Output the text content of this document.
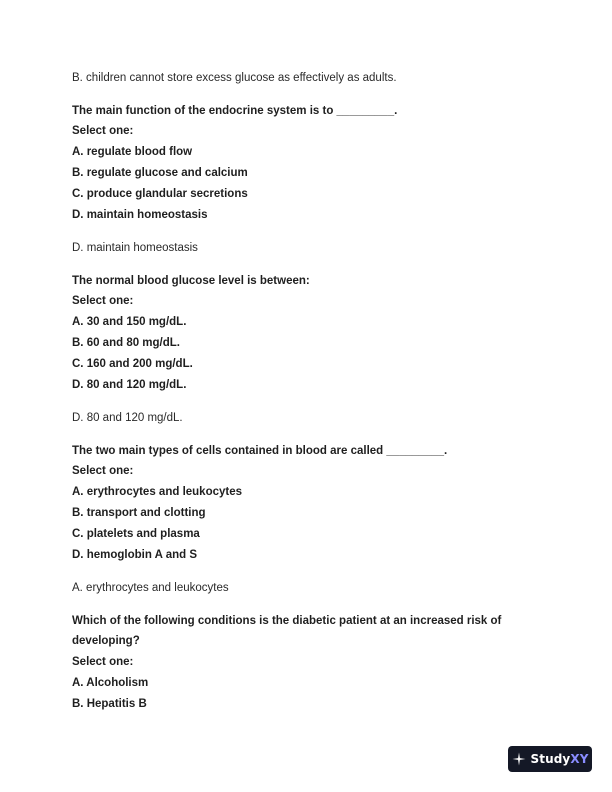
B. children cannot store excess glucose as effectively as adults.

The main function of the endocrine system is to _________.

Select one:

A. regulate blood flow

B. regulate glucose and calcium

C. produce glandular secretions

D. maintain homeostasis

D. maintain homeostasis

The normal blood glucose level is between:

Select one:

A. 30 and 150 mg/dL.

B. 60 and 80 mg/dL.

C. 160 and 200 mg/dL.

D. 80 and 120 mg/dL.

D. 80 and 120 mg/dL.

The two main types of cells contained in blood are called _________.

Select one:

A. erythrocytes and leukocytes

B. transport and clotting

C. platelets and plasma

D. hemoglobin A and S

A. erythrocytes and leukocytes

Which of the following conditions is the diabetic patient at an increased risk of

developing?

Select one:

A. Alcoholism

B. Hepatitis B

StudyXY
